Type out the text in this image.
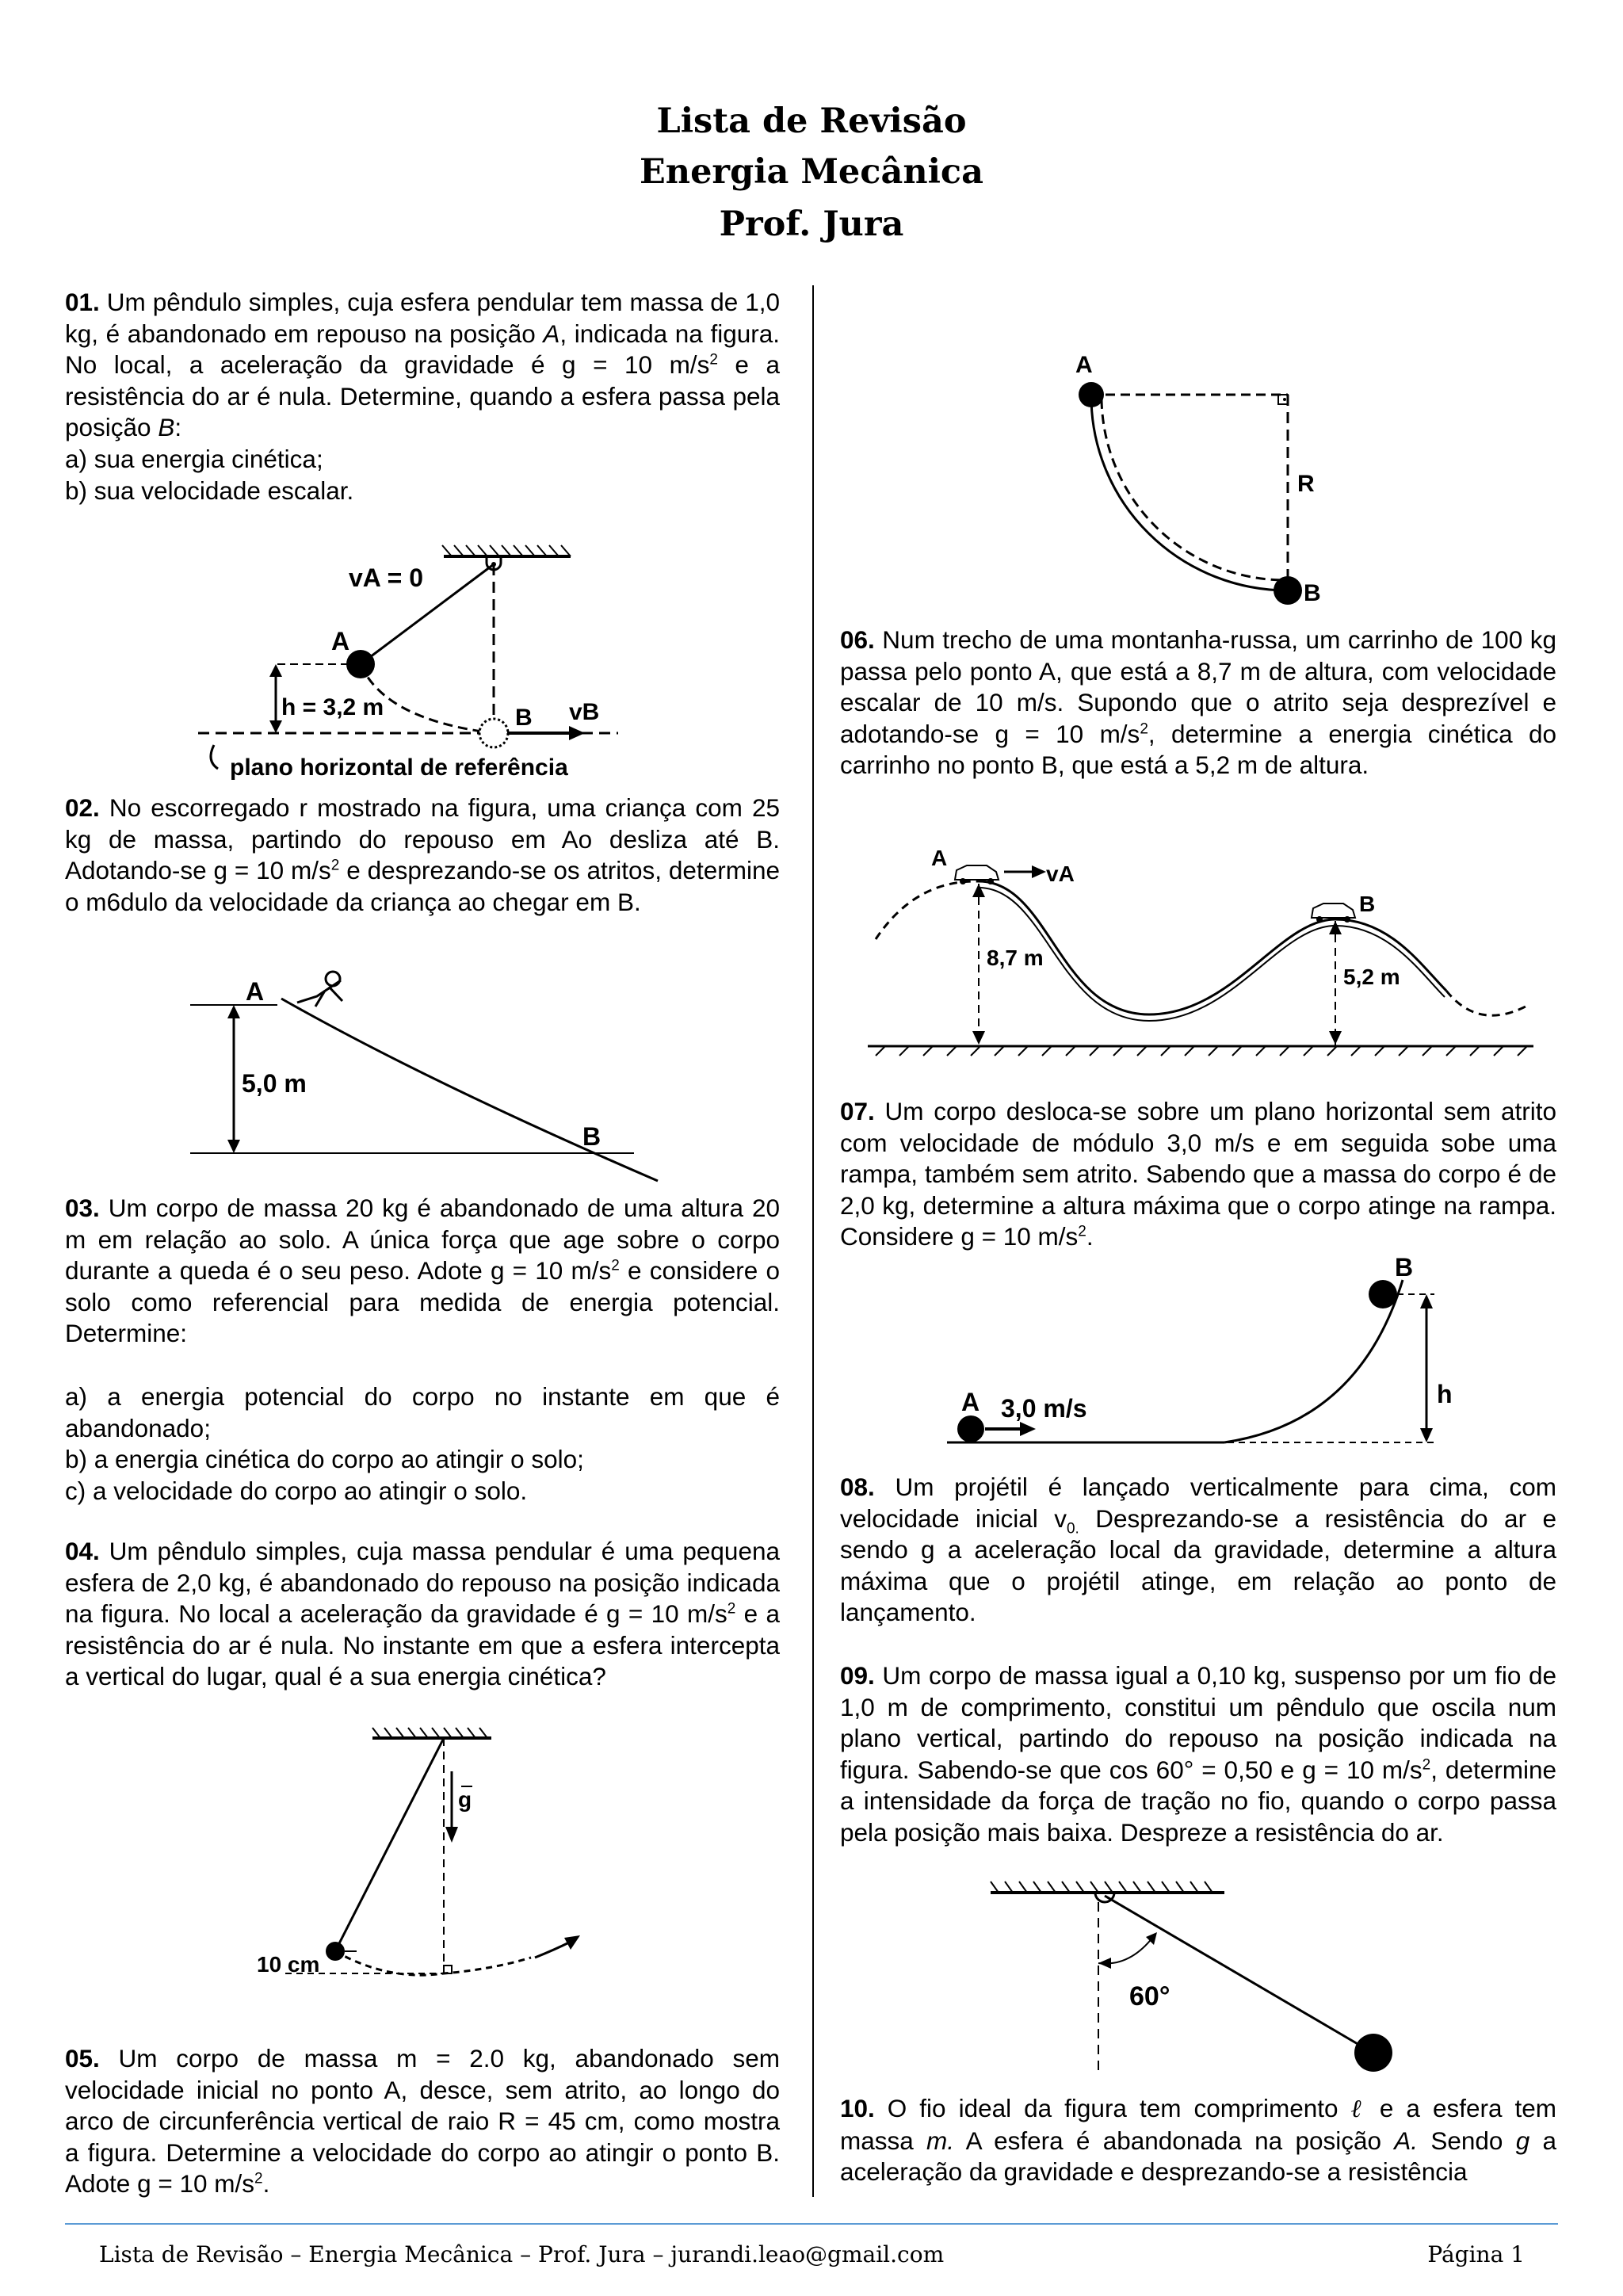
Lista de Revisão
Energia Mecânica
Prof. Jura

01. Um pêndulo simples, cuja esfera pendular tem massa de 1,0 kg, é abandonado em repouso na posição A, indicada na figura. No local, a aceleração da gravidade é g = 10 $m/s^2$ e a resistência do ar é nula. Determine, quando a esfera passa pela posição B:

a) sua energia cinética;

b) sua velocidade escalar.

vA = 0
A
h = 3,2 m	B vB
plano horizontal de referência

02. No escorregado r mostrado na figura, uma criança com 25 kg de massa, partindo do repouso em Ao desliza até B. Adotando-se g = 10 $m/s^2$ e desprezando-se os atritos, determine o m6dulo da velocidade da criança ao chegar em B.

A
5,0 m
B

03. Um corpo de massa 20 kg é abandonado de uma altura 20 m em relação ao solo. A única força que age sobre o corpo durante a queda é o seu peso. Adote g = 10 $m/s^2$ e considere o solo como referencial para medida de energia potencial. Determine:

a) a energia potencial do corpo no instante em que é abandonado;

b) a energia cinética do corpo ao atingir o solo;

c) a velocidade do corpo ao atingir o solo.

04. Um pêndulo simples, cuja massa pendular é uma pequena esfera de 2,0 kg, é abandonado do repouso na posição indicada na figura. No local a aceleração da gravidade é g = 10 $m/s^2$ e a resistência do ar é nula. No instante em que a esfera intercepta a vertical do lugar, qual é a sua energia cinética?

g
10 cm

05. Um corpo de massa m = 2.0 kg, abandonado sem velocidade inicial no ponto A, desce, sem atrito, ao longo do arco de circunferência vertical de raio R = 45 cm, como mostra a figura. Determine a velocidade do corpo ao atingir o ponto B. Adote g = 10 $m/s^2$.

A
R
B

06. Num trecho de uma montanha-russa, um carrinho de 100 kg passa pelo ponto A, que está a 8,7 m de altura, com velocidade escalar de 10 m/s. Supondo que o atrito seja desprezível e adotando-se g = 10 $m/s^2$, determine a energia cinética do carrinho no ponto B, que está a 5,2 m de altura.

A
vA
B
8,7 m
5,2 m

07. Um corpo desloca-se sobre um plano horizontal sem atrito com velocidade de módulo 3,0 m/s e em seguida sobe uma rampa, também sem atrito. Sabendo que a massa do corpo é de 2,0 kg, determine a altura máxima que o corpo atinge na rampa. Considere g = 10 $m/s^2$.

A 3,0 m/s
B
h

08. Um projétil é lançado verticalmente para cima, com velocidade inicial $v_{0.}$ Desprezando-se a resistência do ar e sendo g a aceleração local da gravidade, determine a altura máxima que o projétil atinge, em relação ao ponto de lançamento.

09. Um corpo de massa igual a 0,10 kg, suspenso por um fio de 1,0 m de comprimento, constitui um pêndulo que oscila num plano vertical, partindo do repouso na posição indicada na figura. Sabendo-se que cos 60° = 0,50 e g = 10 $m/s^2$, determine a intensidade da força de tração no fio, quando o corpo passa pela posição mais baixa. Despreze a resistência do ar.

60°

10. O fio ideal da figura tem comprimento ℓ e a esfera tem massa m. A esfera é abandonada na posição A. Sendo g a aceleração da gravidade e desprezando-se a resistência

Lista de Revisão – Energia Mecânica – Prof. Jura – jurandi.leao@gmail.com	Página 1
